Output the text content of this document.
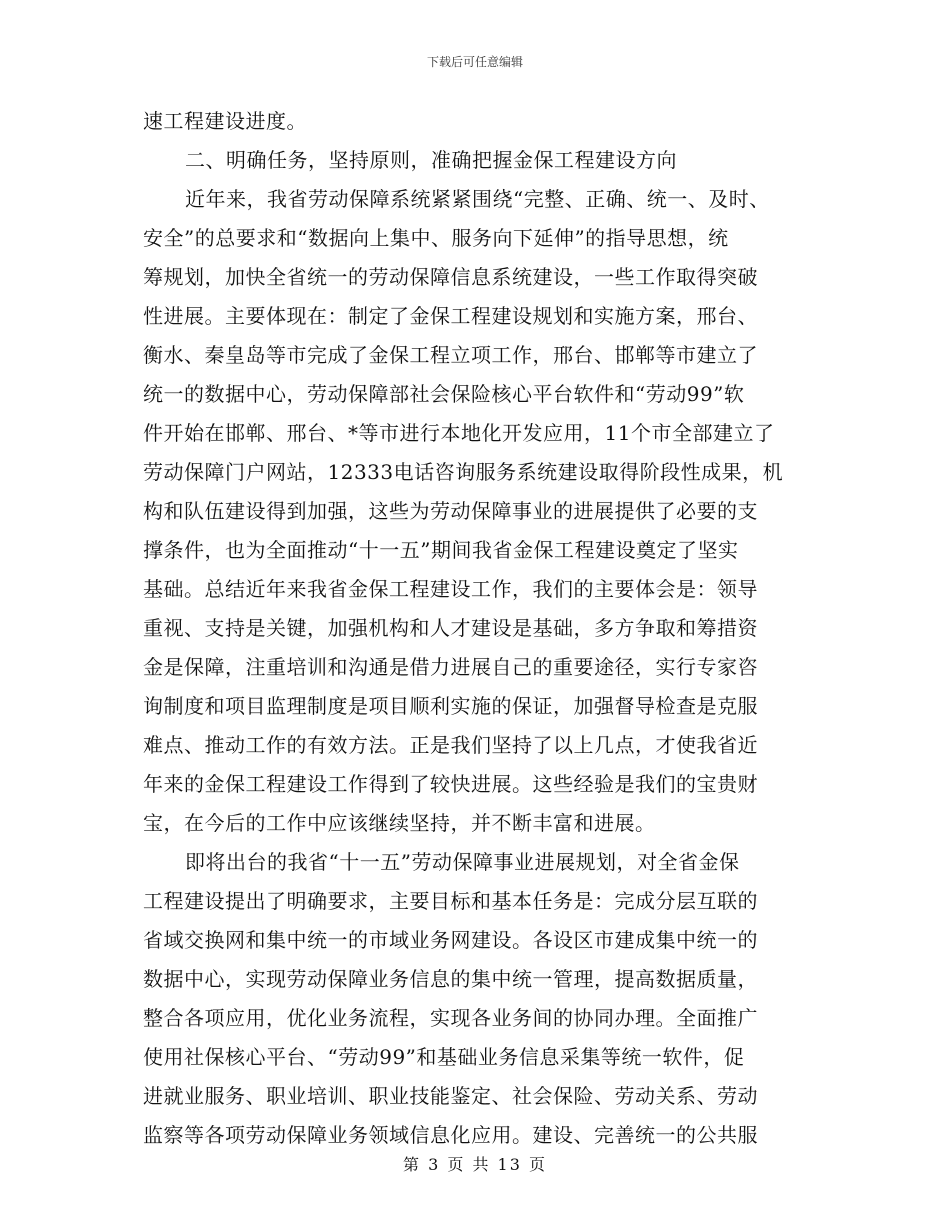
下载后可任意编辑
速工程建设进度。
二、明确任务，坚持原则，准确把握金保工程建设方向
近年来，我省劳动保障系统紧紧围绕“完整、正确、统一、及时、
安全”的总要求和“数据向上集中、服务向下延伸”的指导思想，统
筹规划，加快全省统一的劳动保障信息系统建设，一些工作取得突破
性进展。主要体现在：制定了金保工程建设规划和实施方案，邢台、
衡水、秦皇岛等市完成了金保工程立项工作，邢台、邯郸等市建立了
统一的数据中心，劳动保障部社会保险核心平台软件和“劳动99”软
件开始在邯郸、邢台、*等市进行本地化开发应用，11个市全部建立了
劳动保障门户网站，12333电话咨询服务系统建设取得阶段性成果，机
构和队伍建设得到加强，这些为劳动保障事业的进展提供了必要的支
撑条件，也为全面推动“十一五”期间我省金保工程建设奠定了坚实
基础。总结近年来我省金保工程建设工作，我们的主要体会是：领导
重视、支持是关键，加强机构和人才建设是基础，多方争取和筹措资
金是保障，注重培训和沟通是借力进展自己的重要途径，实行专家咨
询制度和项目监理制度是项目顺利实施的保证，加强督导检查是克服
难点、推动工作的有效方法。正是我们坚持了以上几点，才使我省近
年来的金保工程建设工作得到了较快进展。这些经验是我们的宝贵财
宝，在今后的工作中应该继续坚持，并不断丰富和进展。
即将出台的我省“十一五”劳动保障事业进展规划，对全省金保
工程建设提出了明确要求，主要目标和基本任务是：完成分层互联的
省域交换网和集中统一的市域业务网建设。各设区市建成集中统一的
数据中心，实现劳动保障业务信息的集中统一管理，提高数据质量，
整合各项应用，优化业务流程，实现各业务间的协同办理。全面推广
使用社保核心平台、“劳动99”和基础业务信息采集等统一软件，促
进就业服务、职业培训、职业技能鉴定、社会保险、劳动关系、劳动
监察等各项劳动保障业务领域信息化应用。建设、完善统一的公共服
第 3 页 共 13 页
